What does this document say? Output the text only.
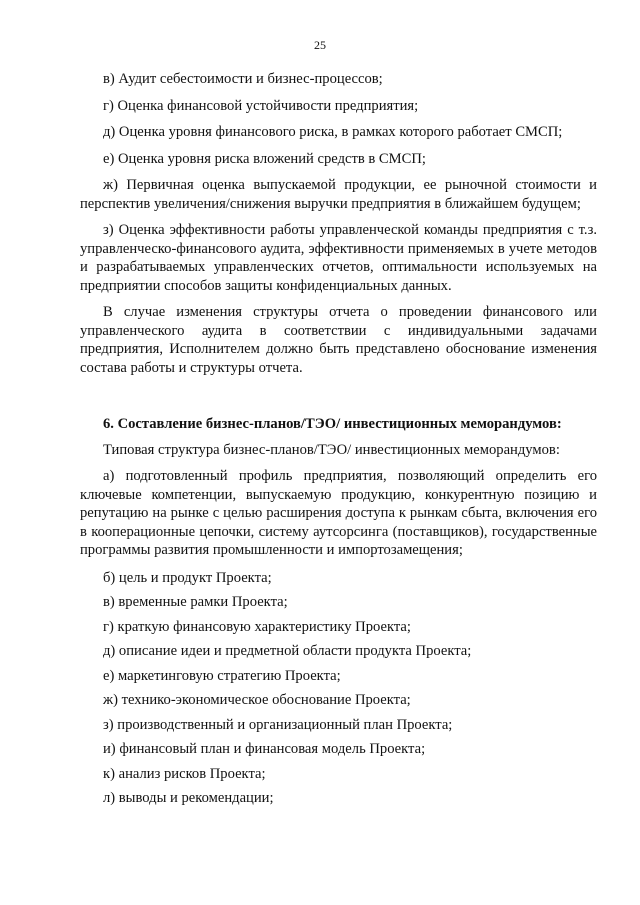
25

в) Аудит себестоимости и бизнес-процессов;

г) Оценка финансовой устойчивости предприятия;

д) Оценка уровня финансового риска, в рамках которого работает СМСП;

е) Оценка уровня риска вложений средств в СМСП;

ж) Первичная оценка выпускаемой продукции, ее рыночной стоимости и перспектив увеличения/снижения выручки предприятия в ближайшем будущем;

з) Оценка эффективности работы управленческой команды предприятия с т.з. управленческо-финансового аудита, эффективности применяемых в учете методов и разрабатываемых управленческих отчетов, оптимальности используемых на предприятии способов защиты конфиденциальных данных.

В случае изменения структуры отчета о проведении финансового или управленческого аудита в соответствии с индивидуальными задачами предприятия, Исполнителем должно быть представлено обоснование изменения состава работы и структуры отчета.

6. Составление бизнес-планов/ТЭО/ инвестиционных меморандумов:

Типовая структура бизнес-планов/ТЭО/ инвестиционных меморандумов:

а) подготовленный профиль предприятия, позволяющий определить его ключевые компетенции, выпускаемую продукцию, конкурентную позицию и репутацию на рынке с целью расширения доступа к рынкам сбыта, включения его в кооперационные цепочки, систему аутсорсинга (поставщиков), государственные программы развития промышленности и импортозамещения;

б) цель и продукт Проекта;

в) временные рамки Проекта;

г) краткую финансовую характеристику Проекта;

д) описание идеи и предметной области продукта Проекта;

е) маркетинговую стратегию Проекта;

ж) технико-экономическое обоснование Проекта;

з) производственный и организационный план Проекта;

и) финансовый план и финансовая модель Проекта;

к) анализ рисков Проекта;

л) выводы и рекомендации;
